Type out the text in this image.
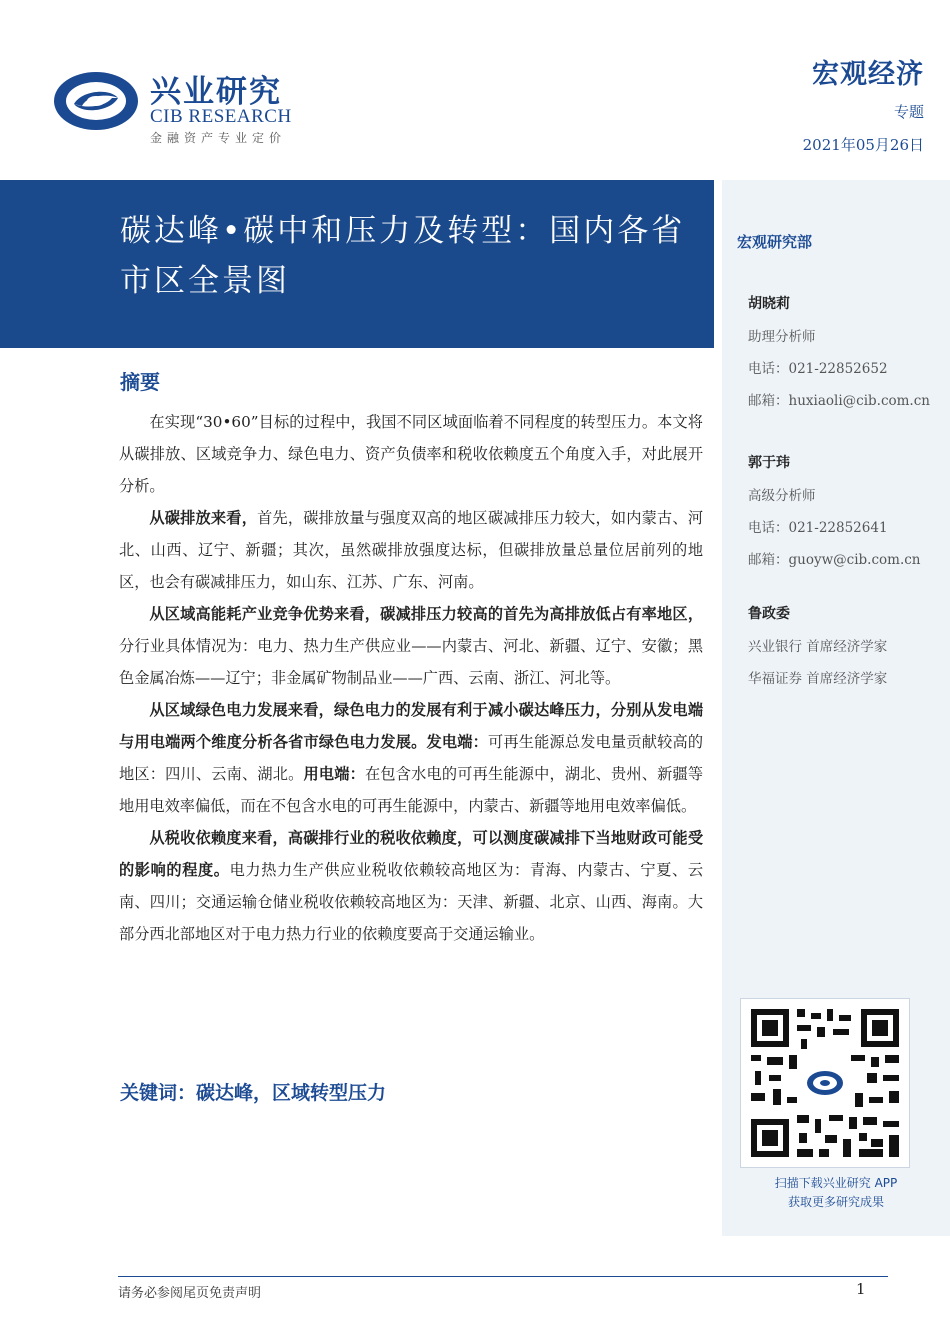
兴业研究
CIB RESEARCH
金融资产专业定价
宏观经济
专题
2021年05月26日
碳达峰•碳中和压力及转型：国内各省市区全景图
宏观研究部
胡晓莉
助理分析师
电话：021-22852652
邮箱：huxiaoli@cib.com.cn
郭于玮
高级分析师
电话：021-22852641
邮箱：guoyw@cib.com.cn
鲁政委
兴业银行 首席经济学家
华福证券 首席经济学家
扫描下载兴业研究 APP
获取更多研究成果
摘要

在实现“30•60”目标的过程中，我国不同区域面临着不同程度的转型压力。本文将从碳排放、区域竞争力、绿色电力、资产负债率和税收依赖度五个角度入手，对此展开分析。

从碳排放来看，首先，碳排放量与强度双高的地区碳减排压力较大，如内蒙古、河北、山西、辽宁、新疆；其次，虽然碳排放强度达标，但碳排放量总量位居前列的地区，也会有碳减排压力，如山东、江苏、广东、河南。

从区域高能耗产业竞争优势来看，碳减排压力较高的首先为高排放低占有率地区，分行业具体情况为：电力、热力生产供应业——内蒙古、河北、新疆、辽宁、安徽；黑色金属冶炼——辽宁；非金属矿物制品业——广西、云南、浙江、河北等。

从区域绿色电力发展来看，绿色电力的发展有利于减小碳达峰压力，分别从发电端与用电端两个维度分析各省市绿色电力发展。发电端：可再生能源总发电量贡献较高的地区：四川、云南、湖北。用电端：在包含水电的可再生能源中，湖北、贵州、新疆等地用电效率偏低，而在不包含水电的可再生能源中，内蒙古、新疆等地用电效率偏低。

从税收依赖度来看，高碳排行业的税收依赖度，可以测度碳减排下当地财政可能受的影响的程度。电力热力生产供应业税收依赖较高地区为：青海、内蒙古、宁夏、云南、四川；交通运输仓储业税收依赖较高地区为：天津、新疆、北京、山西、海南。大部分西北部地区对于电力热力行业的依赖度要高于交通运输业。

关键词：碳达峰，区域转型压力
请务必参阅尾页免责声明	1
